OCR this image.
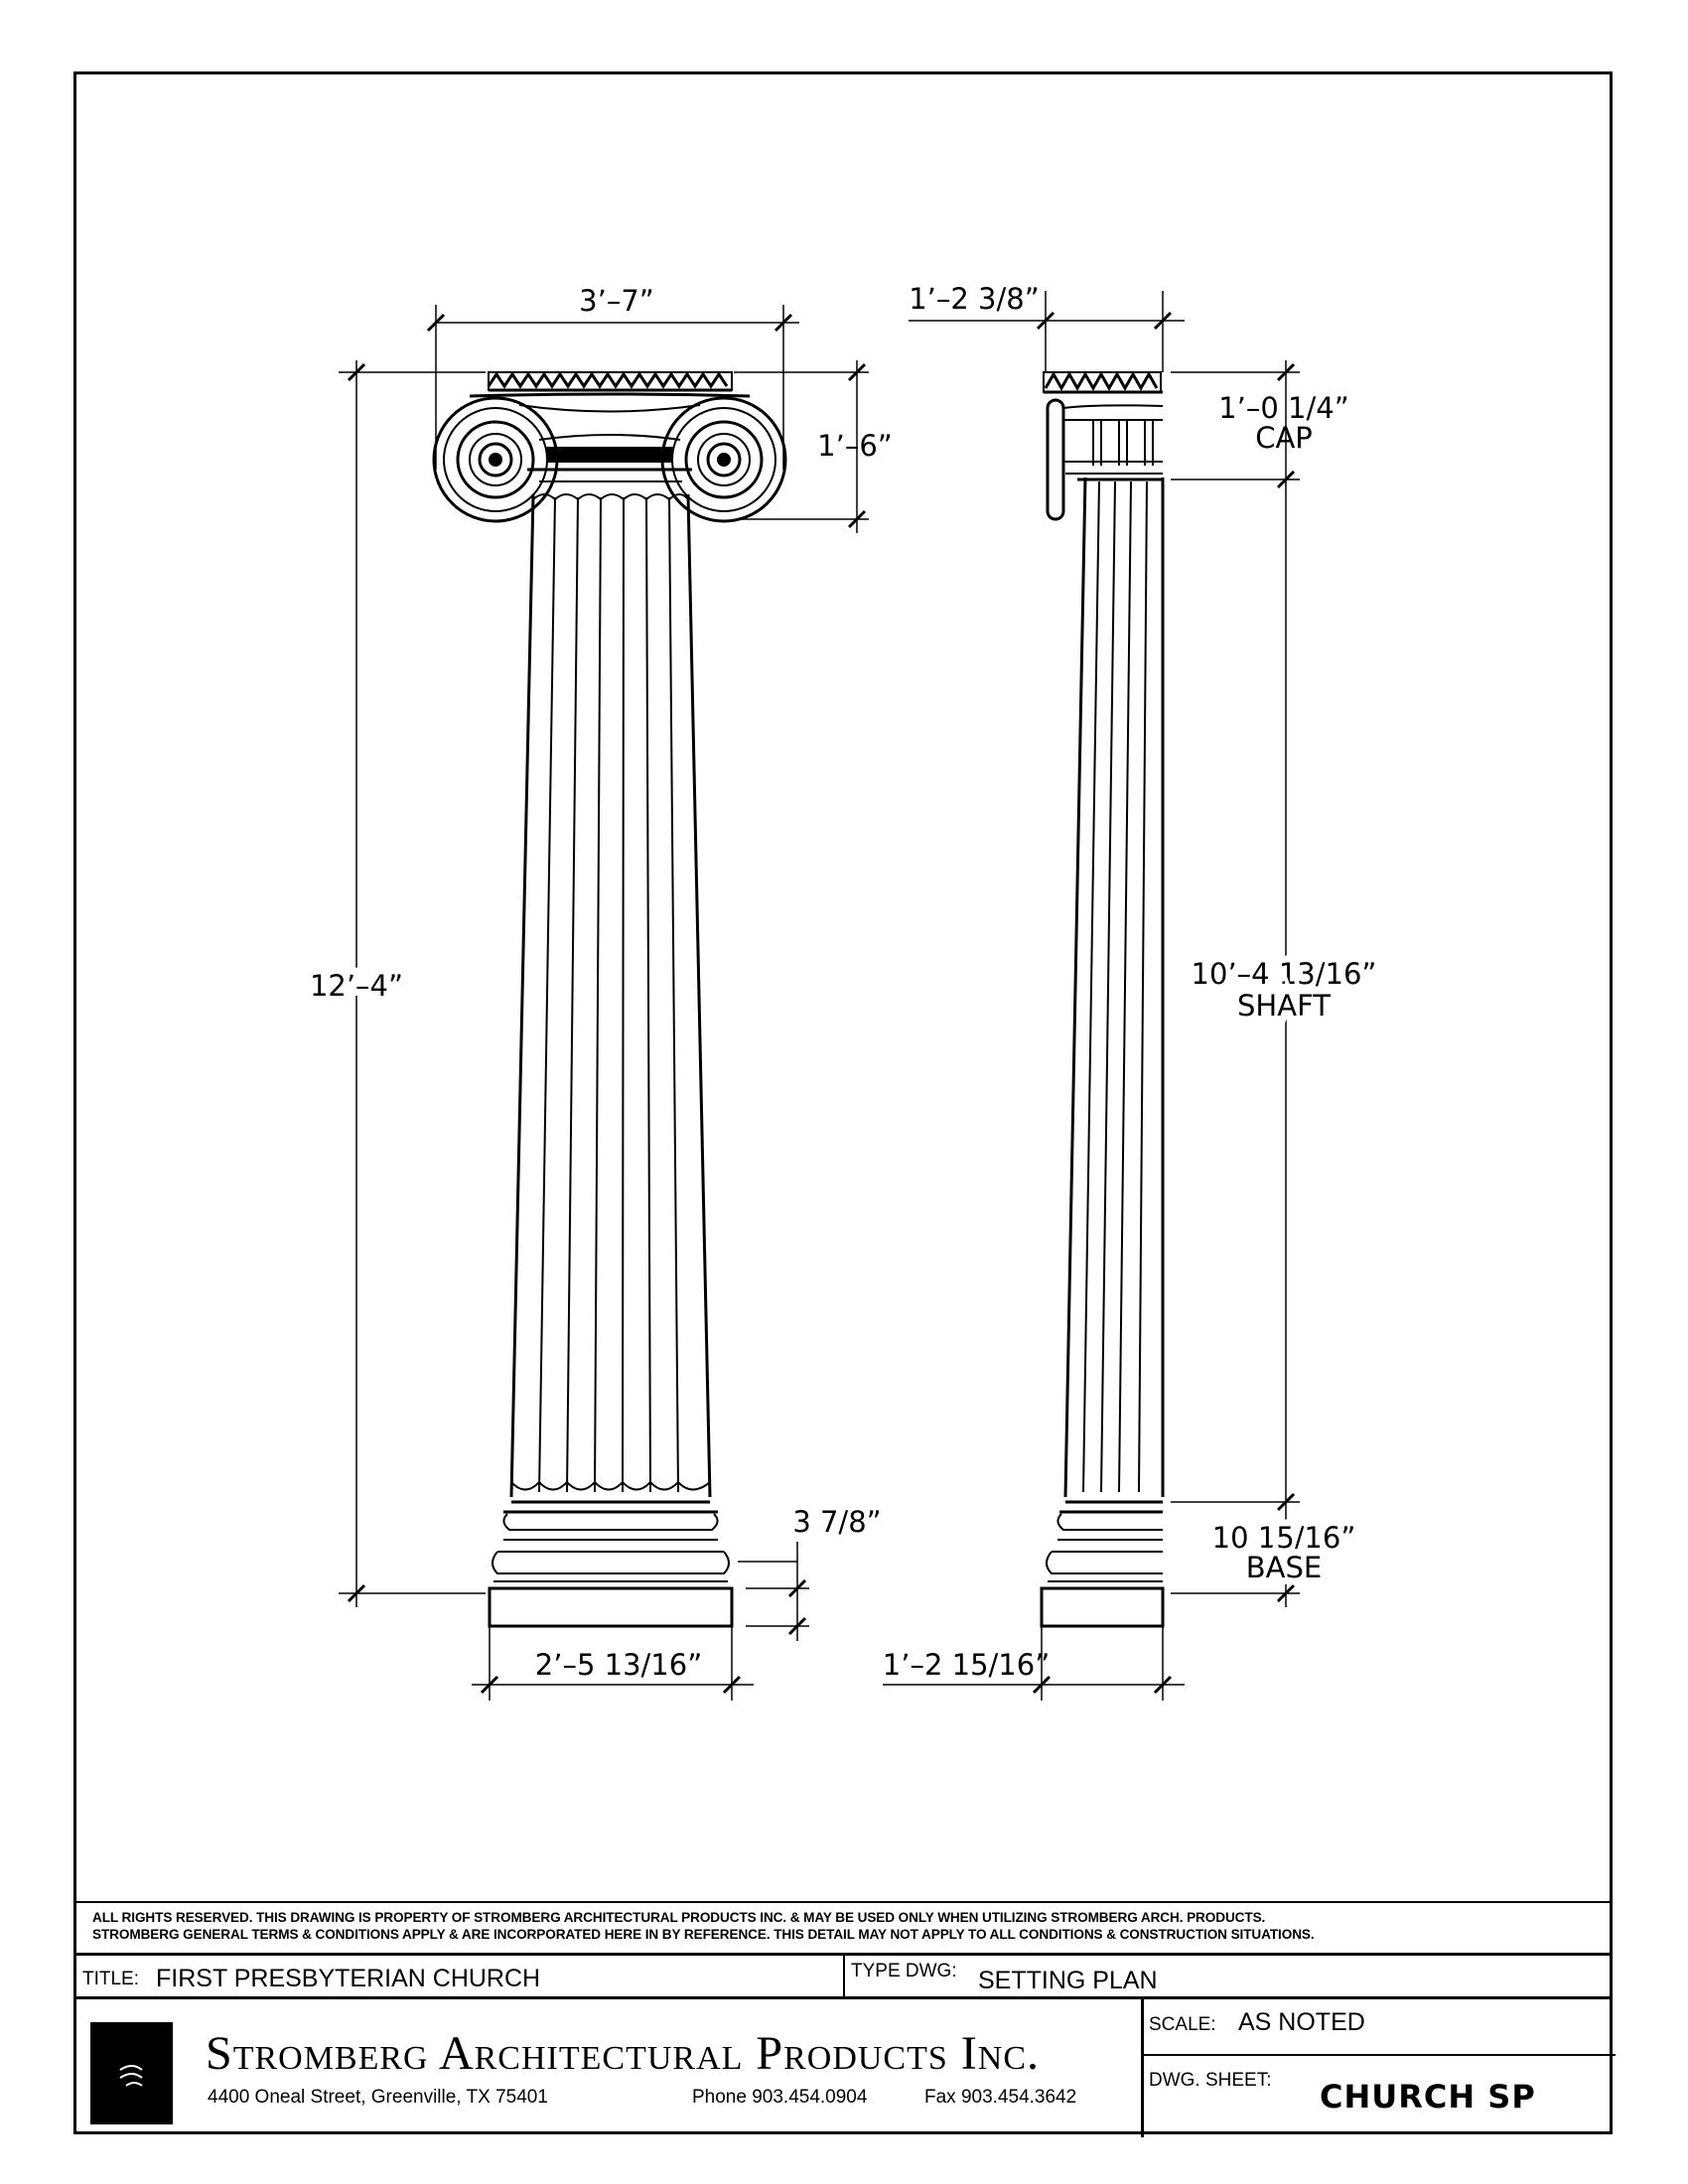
3’–7”
1’–6”
12’–4”
3 7/8”
2’–5 13/16”
1’–2 3/8”
1’–0 1/4”
CAP
10’–4 13/16”
SHAFT
10 15/16”
BASE
1’–2 15/16”
ALL RIGHTS RESERVED. THIS DRAWING IS PROPERTY OF STROMBERG ARCHITECTURAL PRODUCTS INC. & MAY BE USED ONLY WHEN UTILIZING STROMBERG ARCH. PRODUCTS.
STROMBERG GENERAL TERMS & CONDITIONS APPLY & ARE INCORPORATED HERE IN BY REFERENCE. THIS DETAIL MAY NOT APPLY TO ALL CONDITIONS & CONSTRUCTION SITUATIONS.
TITLE: FIRST PRESBYTERIAN CHURCH	TYPE DWG: SETTING PLAN
Stromberg Architectural Products Inc.
4400 Oneal Street, Greenville, TX 75401	Phone 903.454.0904	Fax 903.454.3642
SCALE: AS NOTED
DWG. SHEET: CHURCH SP
